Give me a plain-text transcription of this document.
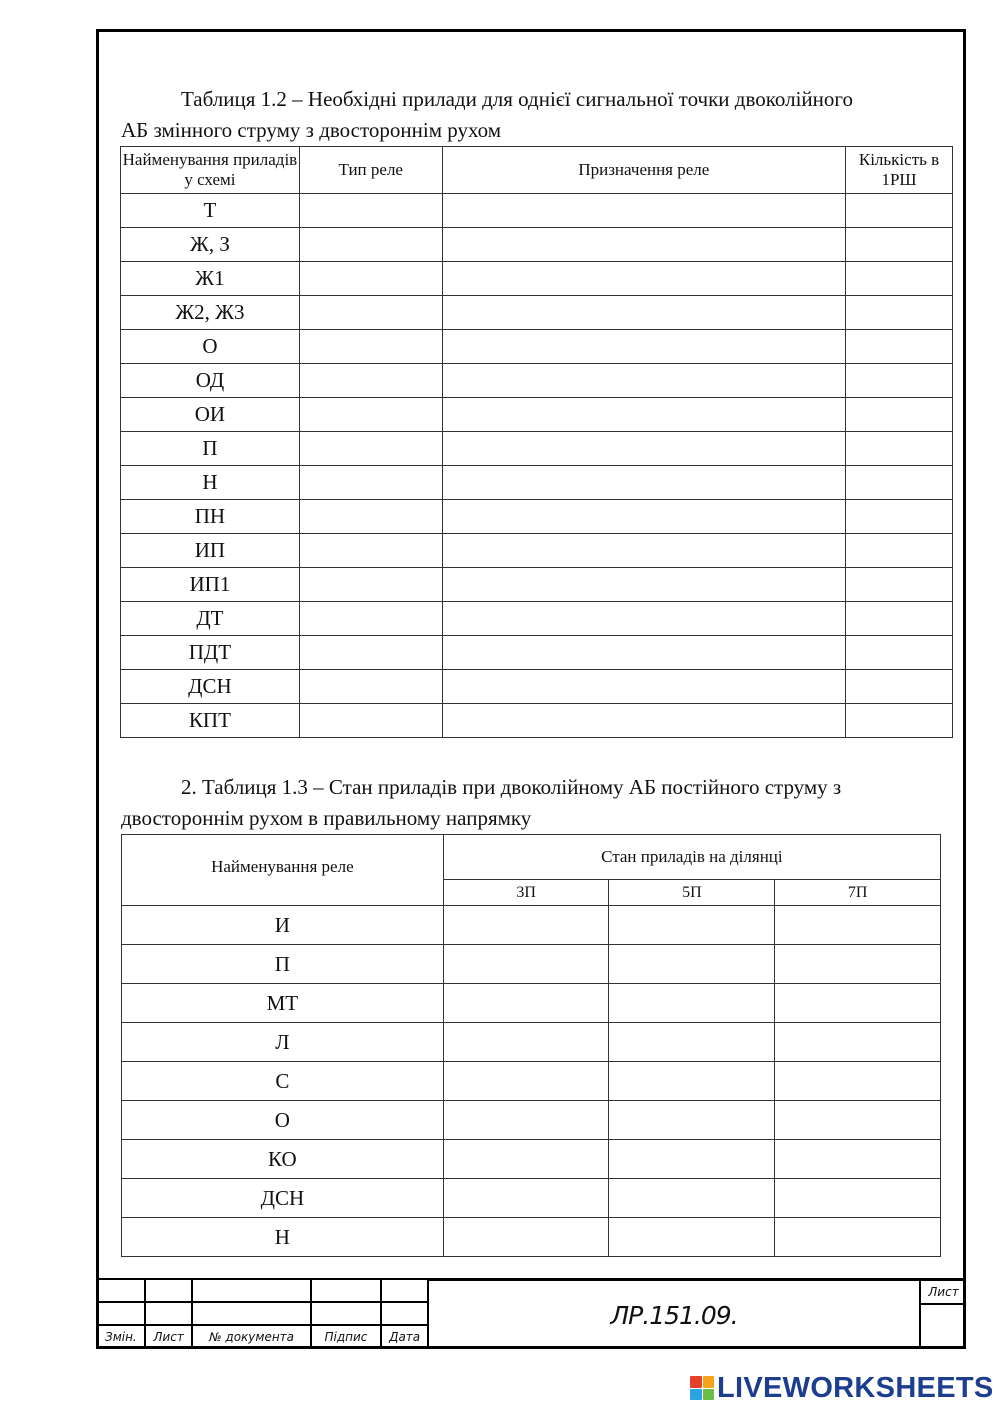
Таблиця 1.2 – Необхідні прилади для однієї сигнальної точки двоколійного
АБ змінного струму з двостороннім рухом
Найменування приладів у схемі	Тип реле	Призначення реле	Кількість в 1РШ
Т			
Ж, З			
Ж1			
Ж2, Ж3			
О			
ОД			
ОИ			
П			
Н			
ПН			
ИП			
ИП1			
ДТ			
ПДТ			
ДСН			
КПТ			
2. Таблиця 1.3 – Стан приладів при двоколійному АБ постійного струму з
двостороннім рухом в правильному напрямку
Найменування реле	Стан приладів на ділянці		
	3П	5П	7П
И			
П			
МТ			
Л			
С			
О			
КО			
ДСН			
Н			

Змін.	Лист	№ документа	Підпис	Дата
ЛР.151.09.
Лист
LIVEWORKSHEETS
